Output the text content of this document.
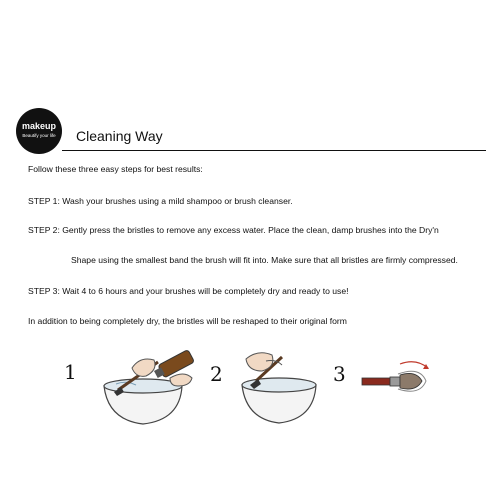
makeup
Beautify your life	Cleaning Way
Follow these three easy steps for best results:
STEP 1: Wash your brushes using a mild shampoo or brush cleanser.
STEP 2: Gently press the bristles to remove any excess water. Place the clean, damp brushes into the Dry'n
Shape using the smallest band the brush will fit into. Make sure that all bristles are firmly compressed.
STEP 3: Wait 4 to 6 hours and your brushes will be completely dry and ready to use!
In addition to being completely dry, the bristles will be reshaped to their original form
1	2	3
